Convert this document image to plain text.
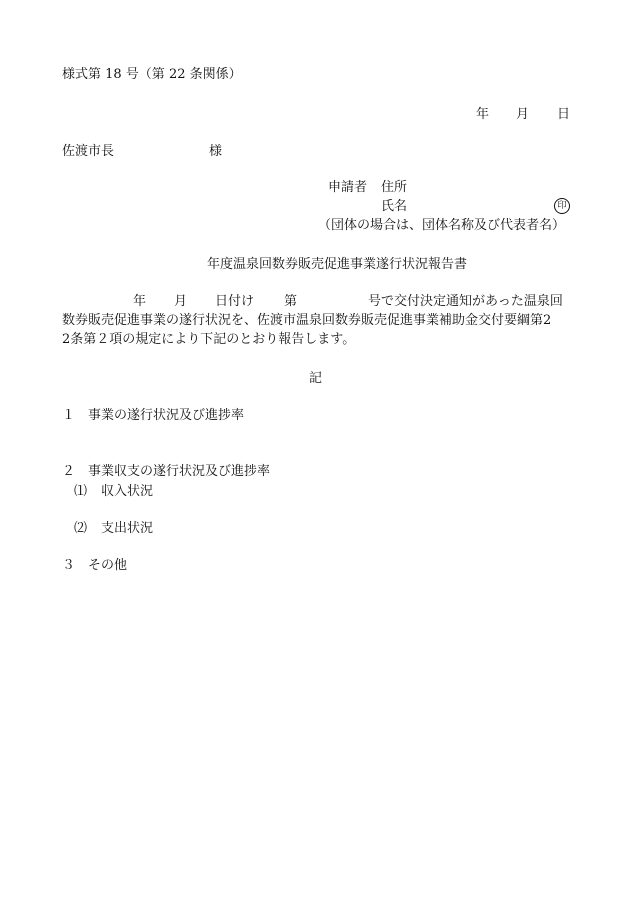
様式第 18 号（第 22 条関係）
年 月 日
佐渡市長	様
申請者 住所
氏名	印
（団体の場合は、団体名称及び代表者名）
年度温泉回数券販売促進事業遂行状況報告書
年 月 日付け 第	号で交付決定通知があった温泉回
数券販売促進事業の遂行状況を、佐渡市温泉回数券販売促進事業補助金交付要綱第2
2条第２項の規定により下記のとおり報告します。
記
１ 事業の遂行状況及び進捗率
２ 事業収支の遂行状況及び進捗率
⑴ 収入状況
⑵ 支出状況
３ その他
